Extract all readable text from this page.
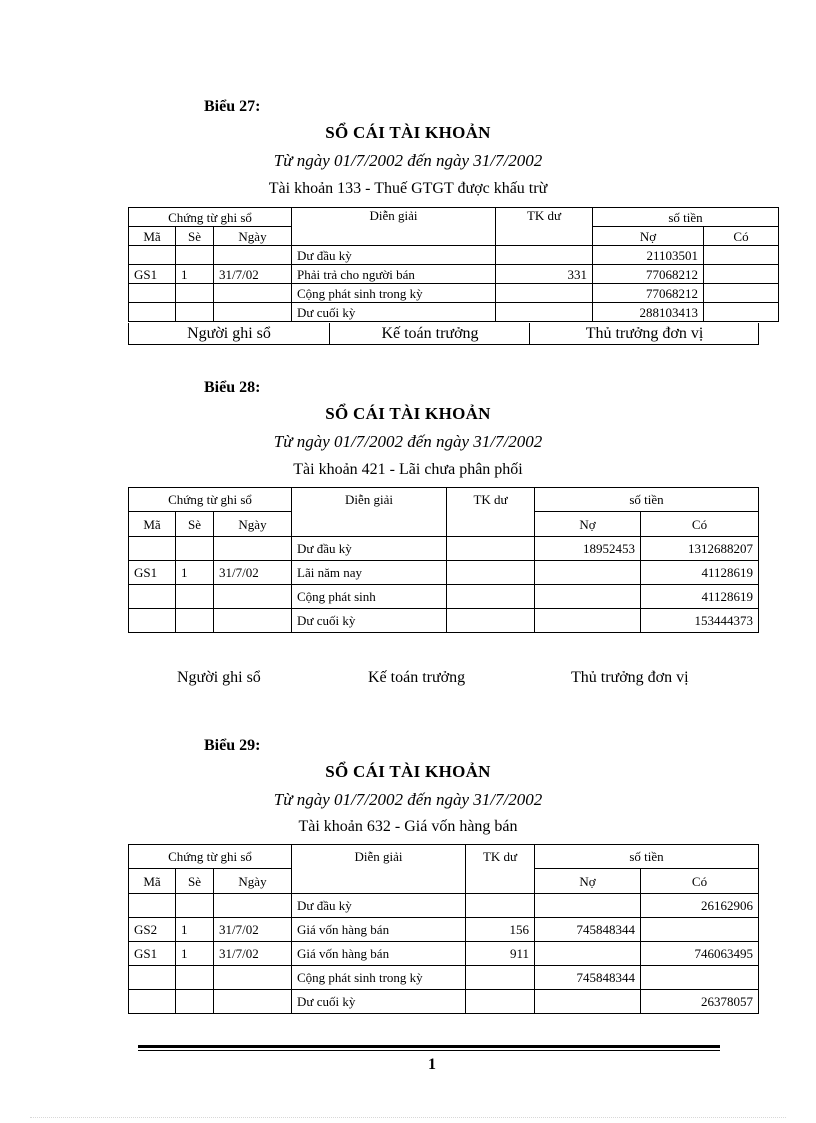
Biểu 27:
SỔ CÁI TÀI KHOẢN
Từ ngày 01/7/2002 đến ngày 31/7/2002
Tài khoản 133 - Thuế GTGT được khấu trừ
Chứng từ ghi sổ			Diễn giải	TK dư	số tiền	
Mã	Sè	Ngày			Nợ	Có
			Dư đầu kỳ		21103501	
GS1	1	31/7/02	Phải trả cho người bán	331	77068212	
			Cộng phát sinh trong kỳ		77068212	
			Dư cuối kỳ		288103413	
Người ghi sổ	Kế toán trưởng	Thủ trưởng đơn vị
Biểu 28:
SỔ CÁI TÀI KHOẢN
Từ ngày 01/7/2002 đến ngày 31/7/2002
Tài khoản 421 - Lãi chưa phân phối
Chứng từ ghi sổ			Diễn giải	TK dư	số tiền	
Mã	Sè	Ngày			Nợ	Có
			Dư đầu kỳ		18952453	1312688207
GS1	1	31/7/02	Lãi năm nay			41128619
			Cộng phát sinh			41128619
			Dư cuối kỳ			153444373
Người ghi sổ	Kế toán trưởng	Thủ trưởng đơn vị
Biểu 29:
SỔ CÁI TÀI KHOẢN
Từ ngày 01/7/2002 đến ngày 31/7/2002
Tài khoản 632 - Giá vốn hàng bán
Chứng từ ghi sổ			Diễn giải	TK dư	số tiền	
Mã	Sè	Ngày			Nợ	Có
			Dư đầu kỳ			26162906
GS2	1	31/7/02	Giá vốn hàng bán	156	745848344	
GS1	1	31/7/02	Giá vốn hàng bán	911		746063495
			Cộng phát sinh trong kỳ		745848344	
			Dư cuối kỳ			26378057
1
